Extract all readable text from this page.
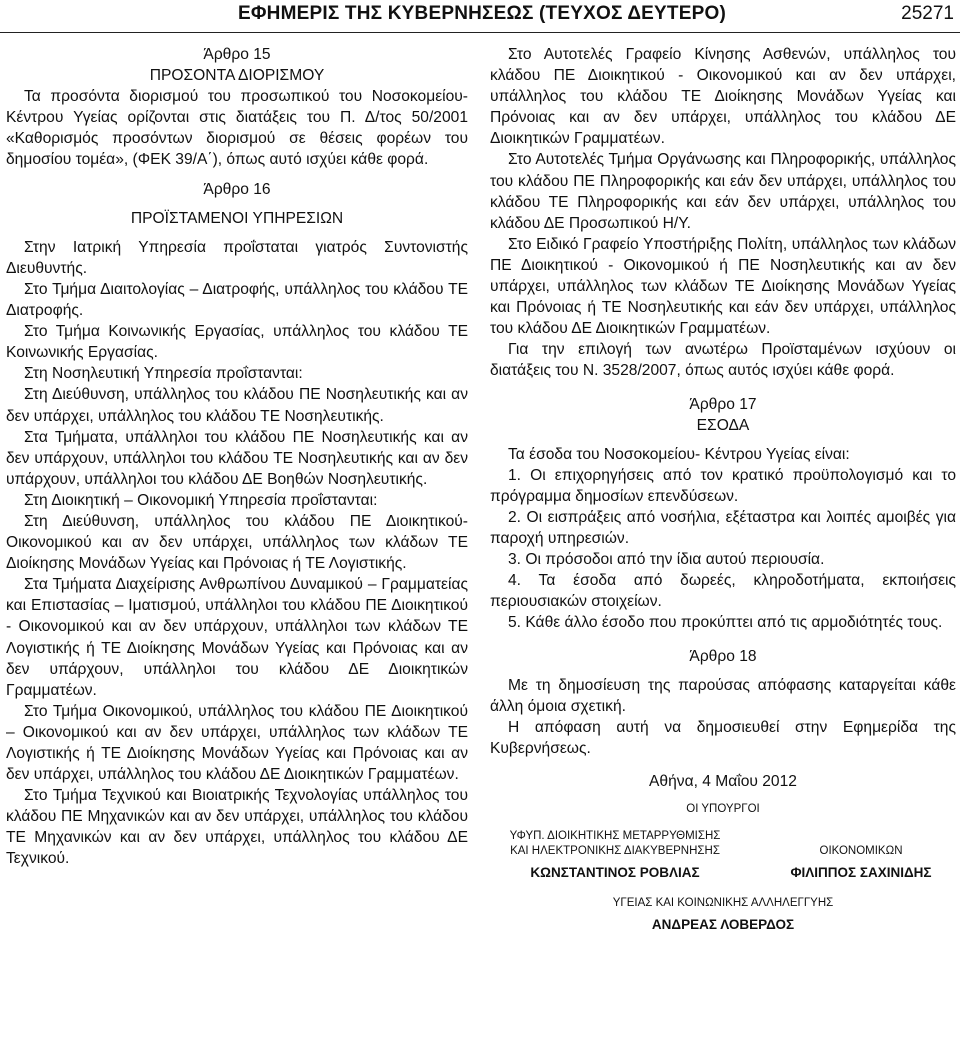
ΕΦΗΜΕΡΙΣ ΤΗΣ ΚΥΒΕΡΝΗΣΕΩΣ (ΤΕΥΧΟΣ ΔΕΥΤΕΡΟ)	25271

Άρθρο 15

ΠΡΟΣΟΝΤΑ ΔΙΟΡΙΣΜΟΥ

Τα προσόντα διορισμού του προσωπικού του Νοσοκομείου- Κέντρου Υγείας ορίζονται στις διατάξεις του Π. Δ/τος 50/2001 «Καθορισμός προσόντων διορισμού σε θέσεις φορέων του δημοσίου τομέα», (ΦΕΚ 39/Α΄), όπως αυτό ισχύει κάθε φορά.

Άρθρο 16

ΠΡΟΪΣΤΑΜΕΝΟΙ ΥΠΗΡΕΣΙΩΝ

Στην Ιατρική Υπηρεσία προΐσταται γιατρός Συντονιστής Διευθυντής.

Στο Τμήμα Διαιτολογίας – Διατροφής, υπάλληλος του κλάδου ΤΕ Διατροφής.

Στο Τμήμα Κοινωνικής Εργασίας, υπάλληλος του κλάδου ΤΕ Κοινωνικής Εργασίας.

Στη Νοσηλευτική Υπηρεσία προΐστανται:

Στη Διεύθυνση, υπάλληλος του κλάδου ΠΕ Νοσηλευτικής και αν δεν υπάρχει, υπάλληλος του κλάδου ΤΕ Νοσηλευτικής.

Στα Τμήματα, υπάλληλοι του κλάδου ΠΕ Νοσηλευτικής και αν δεν υπάρχουν, υπάλληλοι του κλάδου ΤΕ Νοσηλευτικής και αν δεν υπάρχουν, υπάλληλοι του κλάδου ΔΕ Βοηθών Νοσηλευτικής.

Στη Διοικητική – Οικονομική Υπηρεσία προΐστανται:

Στη Διεύθυνση, υπάλληλος του κλάδου ΠΕ Διοικητικού-Οικονομικού και αν δεν υπάρχει, υπάλληλος των κλάδων ΤΕ Διοίκησης Μονάδων Υγείας και Πρόνοιας ή ΤΕ Λογιστικής.

Στα Τμήματα Διαχείρισης Ανθρωπίνου Δυναμικού – Γραμματείας και Επιστασίας – Ιματισμού, υπάλληλοι του κλάδου ΠΕ Διοικητικού - Οικονομικού και αν δεν υπάρχουν, υπάλληλοι των κλάδων ΤΕ Λογιστικής ή ΤΕ Διοίκησης Μονάδων Υγείας και Πρόνοιας και αν δεν υπάρχουν, υπάλληλοι του κλάδου ΔΕ Διοικητικών Γραμματέων.

Στο Τμήμα Οικονομικού, υπάλληλος του κλάδου ΠΕ Διοικητικού – Οικονομικού και αν δεν υπάρχει, υπάλληλος των κλάδων ΤΕ Λογιστικής ή ΤΕ Διοίκησης Μονάδων Υγείας και Πρόνοιας και αν δεν υπάρχει, υπάλληλος του κλάδου ΔΕ Διοικητικών Γραμματέων.

Στο Τμήμα Τεχνικού και Βιοιατρικής Τεχνολογίας υπάλληλος του κλάδου ΠΕ Μηχανικών και αν δεν υπάρχει, υπάλληλος του κλάδου ΤΕ Μηχανικών και αν δεν υπάρχει, υπάλληλος του κλάδου ΔΕ Τεχνικού.

Στο Αυτοτελές Γραφείο Κίνησης Ασθενών, υπάλληλος του κλάδου ΠΕ Διοικητικού - Οικονομικού και αν δεν υπάρχει, υπάλληλος του κλάδου ΤΕ Διοίκησης Μονάδων Υγείας και Πρόνοιας και αν δεν υπάρχει, υπάλληλος του κλάδου ΔΕ Διοικητικών Γραμματέων.

Στο Αυτοτελές Τμήμα Οργάνωσης και Πληροφορικής, υπάλληλος του κλάδου ΠΕ Πληροφορικής και εάν δεν υπάρχει, υπάλληλος του κλάδου ΤΕ Πληροφορικής και εάν δεν υπάρχει, υπάλληλος του κλάδου ΔΕ Προσωπικού Η/Υ.

Στο Ειδικό Γραφείο Υποστήριξης Πολίτη, υπάλληλος των κλάδων ΠΕ Διοικητικού - Οικονομικού ή ΠΕ Νοσηλευτικής και αν δεν υπάρχει, υπάλληλος των κλάδων ΤΕ Διοίκησης Μονάδων Υγείας και Πρόνοιας ή ΤΕ Νοσηλευτικής και εάν δεν υπάρχει, υπάλληλος του κλάδου ΔΕ Διοικητικών Γραμματέων.

Για την επιλογή των ανωτέρω Προϊσταμένων ισχύουν οι διατάξεις του Ν. 3528/2007, όπως αυτός ισχύει κάθε φορά.

Άρθρο 17

ΕΣΟΔΑ

Τα έσοδα του Νοσοκομείου- Κέντρου Υγείας είναι:

1. Οι επιχορηγήσεις από τον κρατικό προϋπολογισμό και το πρόγραμμα δημοσίων επενδύσεων.

2. Οι εισπράξεις από νοσήλια, εξέταστρα και λοιπές αμοιβές για παροχή υπηρεσιών.

3. Οι πρόσοδοι από την ίδια αυτού περιουσία.

4. Τα έσοδα από δωρεές, κληροδοτήματα, εκποιήσεις περιουσιακών στοιχείων.

5. Κάθε άλλο έσοδο που προκύπτει από τις αρμοδιότητές τους.

Άρθρο 18

Με τη δημοσίευση της παρούσας απόφασης καταργείται κάθε άλλη όμοια σχετική.

Η απόφαση αυτή να δημοσιευθεί στην Εφημερίδα της Κυβερνήσεως.

Αθήνα, 4 Μαΐου 2012

ΟΙ ΥΠΟΥΡΓΟΙ
ΥΦΥΠ. ΔΙΟΙΚΗΤΙΚΗΣ ΜΕΤΑΡΡΥΘΜΙΣΗΣ
ΚΑΙ ΗΛΕΚΤΡΟΝΙΚΗΣ ΔΙΑΚΥΒΕΡΝΗΣΗΣ
ΚΩΝΣΤΑΝΤΙΝΟΣ ΡΟΒΛΙΑΣ
ΟΙΚΟΝΟΜΙΚΩΝ
ΦΙΛΙΠΠΟΣ ΣΑΧΙΝΙΔΗΣ
ΥΓΕΙΑΣ ΚΑΙ ΚΟΙΝΩΝΙΚΗΣ ΑΛΛΗΛΕΓΓΥΗΣ
ΑΝΔΡΕΑΣ ΛΟΒΕΡΔΟΣ
